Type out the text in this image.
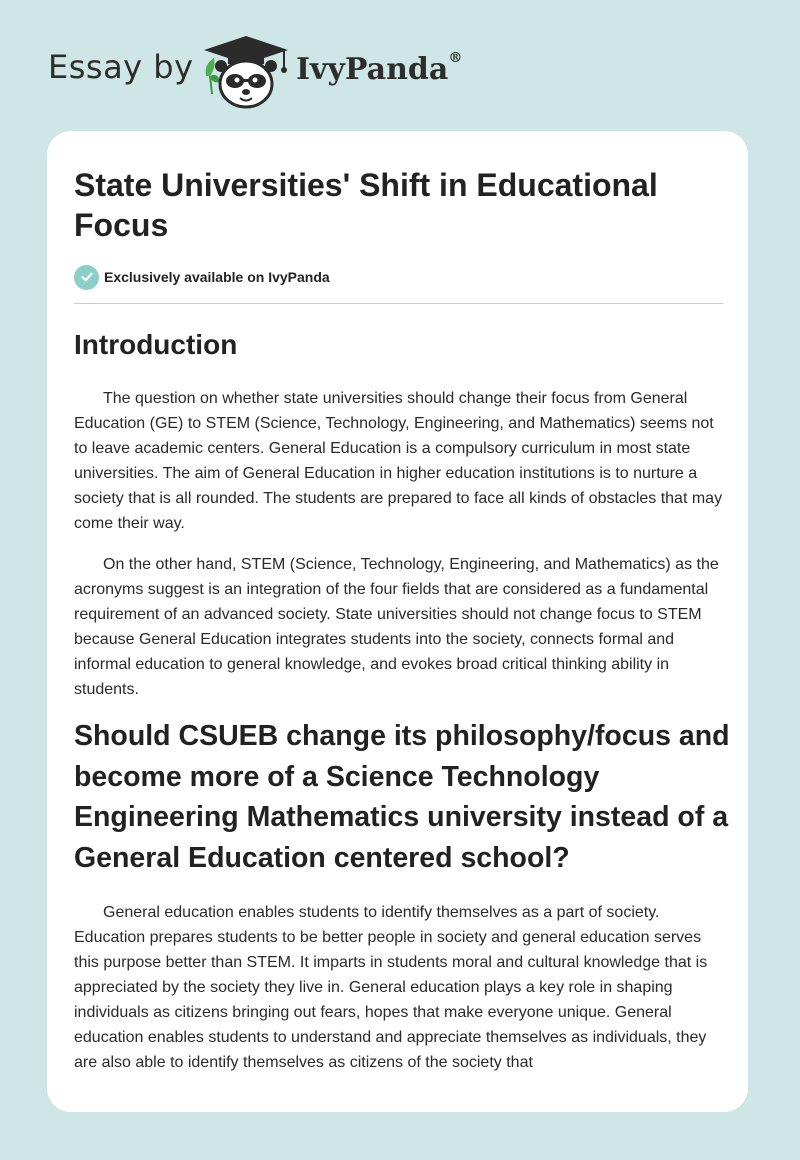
Essay by	IvyPanda®
State Universities' Shift in Educational Focus
Exclusively available on IvyPanda
Introduction

The question on whether state universities should change their focus from General Education (GE) to STEM (Science, Technology, Engineering, and Mathematics) seems not to leave academic centers. General Education is a compulsory curriculum in most state universities. The aim of General Education in higher education institutions is to nurture a society that is all rounded. The students are prepared to face all kinds of obstacles that may come their way.

On the other hand, STEM (Science, Technology, Engineering, and Mathematics) as the acronyms suggest is an integration of the four fields that are considered as a fundamental requirement of an advanced society. State universities should not change focus to STEM because General Education integrates students into the society, connects formal and informal education to general knowledge, and evokes broad critical thinking ability in students.

Should CSUEB change its philosophy/focus and become more of a Science Technology Engineering Mathematics university instead of a General Education centered school?

General education enables students to identify themselves as a part of society. Education prepares students to be better people in society and general education serves this purpose better than STEM. It imparts in students moral and cultural knowledge that is appreciated by the society they live in. General education plays a key role in shaping individuals as citizens bringing out fears, hopes that make everyone unique. General education enables students to understand and appreciate themselves as individuals, they are also able to identify themselves as citizens of the society that
